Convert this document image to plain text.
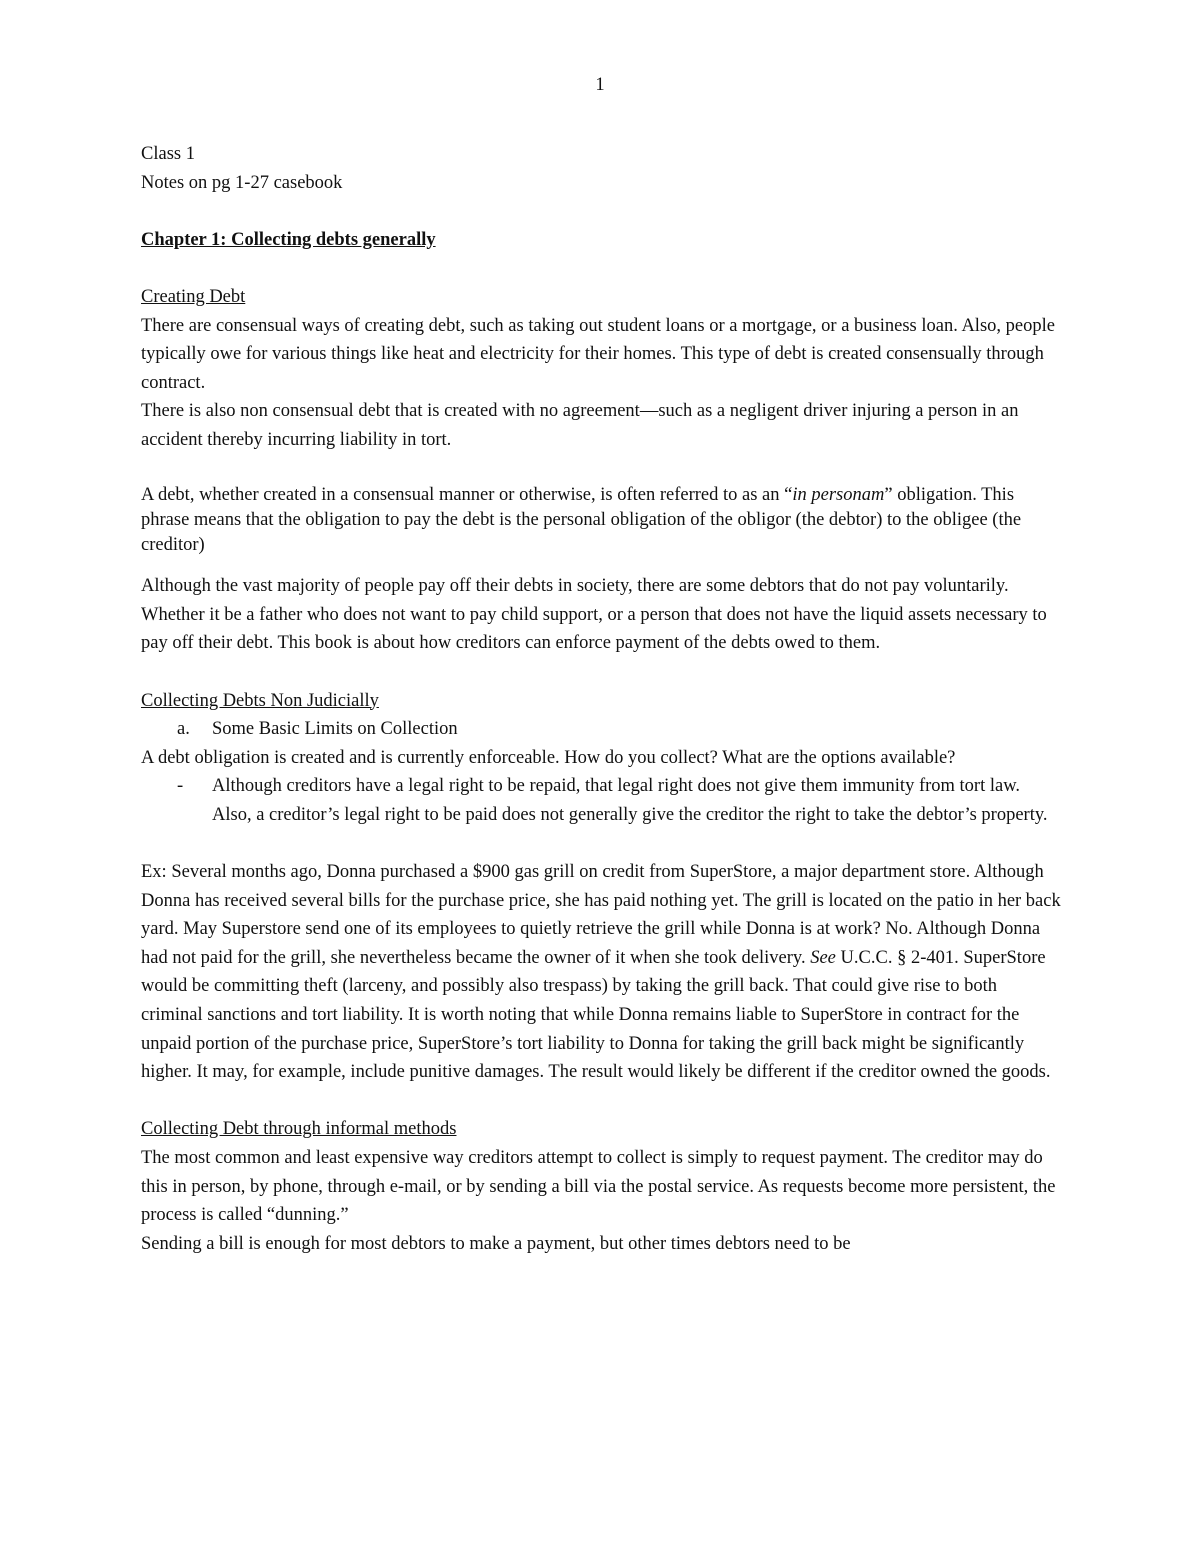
1

Class 1

Notes on pg 1-27 casebook

Chapter 1: Collecting debts generally

Creating Debt

There are consensual ways of creating debt, such as taking out student loans or a mortgage, or a business loan. Also, people typically owe for various things like heat and electricity for their homes. This type of debt is created consensually through contract.

There is also non consensual debt that is created with no agreement—such as a negligent driver injuring a person in an accident thereby incurring liability in tort.

A debt, whether created in a consensual manner or otherwise, is often referred to as an “in personam” obligation. This phrase means that the obligation to pay the debt is the personal obligation of the obligor (the debtor) to the obligee (the creditor)

Although the vast majority of people pay off their debts in society, there are some debtors that do not pay voluntarily. Whether it be a father who does not want to pay child support, or a person that does not have the liquid assets necessary to pay off their debt. This book is about how creditors can enforce payment of the debts owed to them.

Collecting Debts Non Judicially

a. Some Basic Limits on Collection

A debt obligation is created and is currently enforceable. How do you collect? What are the options available?

- Although creditors have a legal right to be repaid, that legal right does not give them immunity from tort law. Also, a creditor’s legal right to be paid does not generally give the creditor the right to take the debtor’s property.

Ex: Several months ago, Donna purchased a $900 gas grill on credit from SuperStore, a major department store. Although Donna has received several bills for the purchase price, she has paid nothing yet. The grill is located on the patio in her back yard. May Superstore send one of its employees to quietly retrieve the grill while Donna is at work? No. Although Donna had not paid for the grill, she nevertheless became the owner of it when she took delivery. See U.C.C. § 2-401. SuperStore would be committing theft (larceny, and possibly also trespass) by taking the grill back. That could give rise to both criminal sanctions and tort liability. It is worth noting that while Donna remains liable to SuperStore in contract for the unpaid portion of the purchase price, SuperStore’s tort liability to Donna for taking the grill back might be significantly higher. It may, for example, include punitive damages. The result would likely be different if the creditor owned the goods.

Collecting Debt through informal methods

The most common and least expensive way creditors attempt to collect is simply to request payment. The creditor may do this in person, by phone, through e-mail, or by sending a bill via the postal service. As requests become more persistent, the process is called “dunning.”

Sending a bill is enough for most debtors to make a payment, but other times debtors need to be
